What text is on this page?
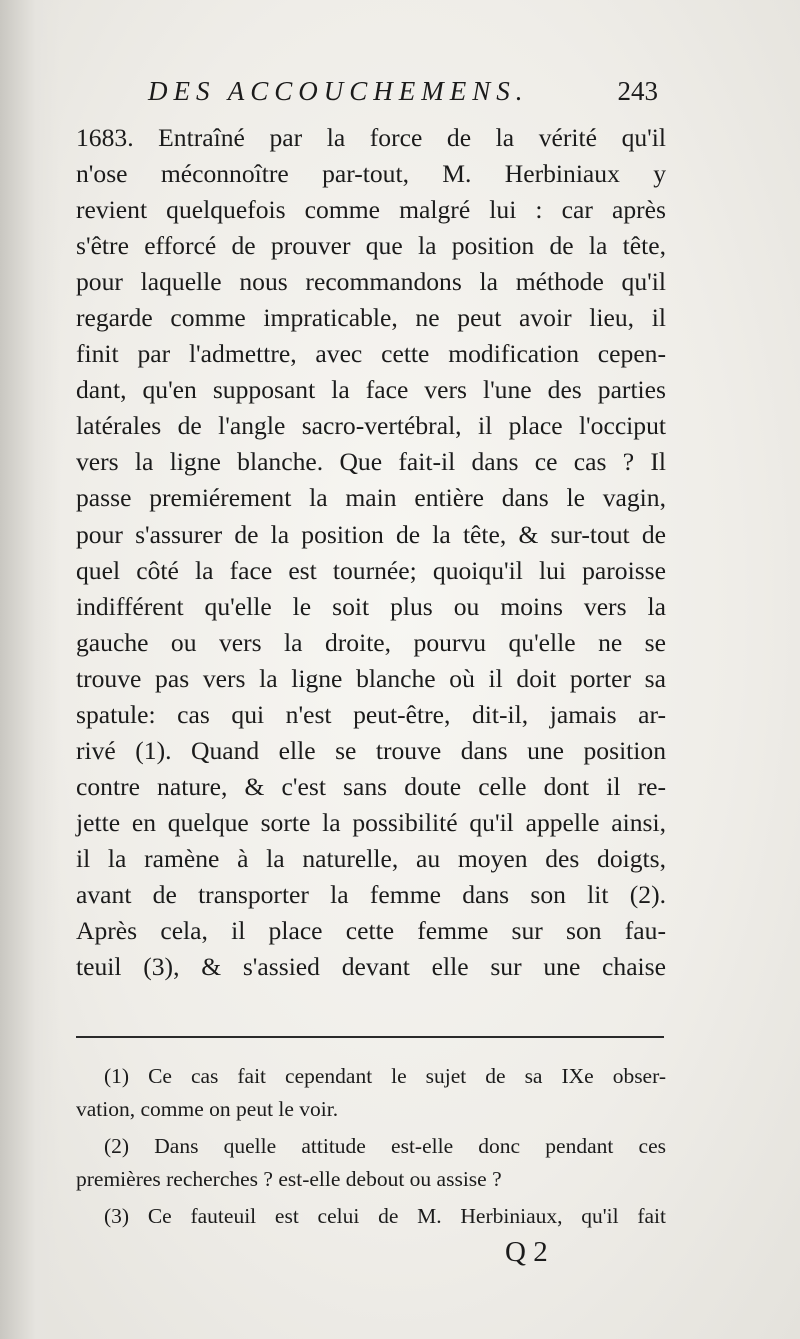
DES ACCOUCHEMENS.	243
1683. Entraîné par la force de la vérité qu'il
n'ose méconnoître par-tout, M. Herbiniaux y
revient quelquefois comme malgré lui : car après
s'être efforcé de prouver que la position de la tête,
pour laquelle nous recommandons la méthode qu'il
regarde comme impraticable, ne peut avoir lieu, il
finit par l'admettre, avec cette modification cepen-
dant, qu'en supposant la face vers l'une des parties
latérales de l'angle sacro-vertébral, il place l'occiput
vers la ligne blanche. Que fait-il dans ce cas ? Il
passe premiérement la main entière dans le vagin,
pour s'assurer de la position de la tête, & sur-tout de
quel côté la face est tournée; quoiqu'il lui paroisse
indifférent qu'elle le soit plus ou moins vers la
gauche ou vers la droite, pourvu qu'elle ne se
trouve pas vers la ligne blanche où il doit porter sa
spatule: cas qui n'est peut-être, dit-il, jamais ar-
rivé (1). Quand elle se trouve dans une position
contre nature, & c'est sans doute celle dont il re-
jette en quelque sorte la possibilité qu'il appelle ainsi,
il la ramène à la naturelle, au moyen des doigts,
avant de transporter la femme dans son lit (2).
Après cela, il place cette femme sur son fau-
teuil (3), & s'assied devant elle sur une chaise
(1) Ce cas fait cependant le sujet de sa IXe obser-
vation, comme on peut le voir.
(2) Dans quelle attitude est-elle donc pendant ces
premières recherches ? est-elle debout ou assise ?
(3) Ce fauteuil est celui de M. Herbiniaux, qu'il fait
Q 2
